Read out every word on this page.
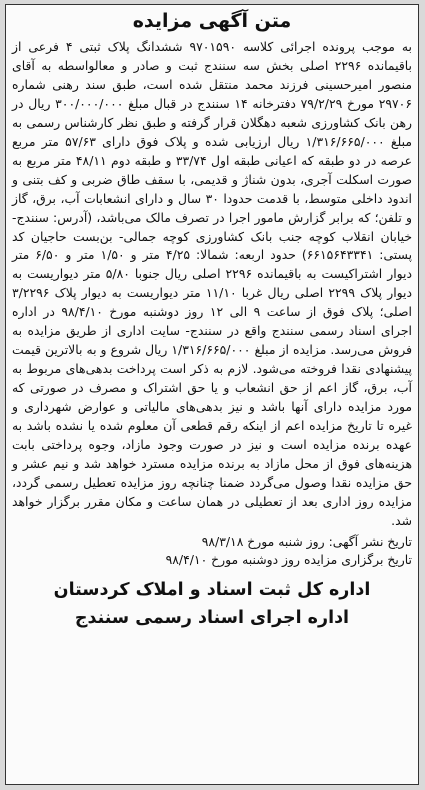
متن آگهی مزایده

به موجب پرونده اجرائی کلاسه ۹۷۰۱۵۹۰ ششدانگ پلاک ثبتی ۴ فرعی از باقیمانده ۲۲۹۶ اصلی بخش سه سنندج ثبت و صادر و معالواسطه به آقای منصور امیرحسینی فرزند محمد منتقل شده است، طبق سند رهنی شماره ۲۹۷۰۶ مورخ ۷۹/۲/۲۹ دفترخانه ۱۴ سنندج در قبال مبلغ ۳۰۰/۰۰۰/۰۰۰ ریال در رهن بانک کشاورزی شعبه دهگلان قرار گرفته و طبق نظر کارشناس رسمی به مبلغ ۱/۳۱۶/۶۶۵/۰۰۰ ریال ارزیابی شده و پلاک فوق دارای ۵۷/۶۳ متر مربع عرصه در دو طبقه که اعیانی طبقه اول ۳۳/۷۴ و طبقه دوم ۴۸/۱۱ متر مربع به صورت اسکلت آجری، بدون شناژ و قدیمی، با سقف طاق ضربی و کف بتنی و اندود داخلی متوسط، با قدمت حدودا ۳۰ سال و دارای انشعابات آب، برق، گاز و تلفن؛ که برابر گزارش مامور اجرا در تصرف مالک می‌باشد، (آدرس: سنندج- خیابان انقلاب کوچه جنب بانک کشاورزی کوچه جمالی- بن‌بست حاجیان کد پستی: ۶۶۱۵۶۴۳۳۴۱) حدود اربعه: شمالا: ۴/۲۵ متر و ۱/۵۰ متر و ۶/۵۰ متر دیوار اشتراکیست به باقیمانده ۲۲۹۶ اصلی ریال جنوبا ۵/۸۰ متر دیواریست به دیوار پلاک ۲۲۹۹ اصلی ریال غربا ۱۱/۱۰ متر دیواریست به دیوار پلاک ۳/۲۲۹۶ اصلی؛ پلاک فوق از ساعت ۹ الی ۱۲ روز دوشنبه مورخ ۹۸/۴/۱۰ در اداره اجرای اسناد رسمی سنندج واقع در سنندج- سایت اداری از طریق مزایده به فروش می‌رسد. مزایده از مبلغ ۱/۳۱۶/۶۶۵/۰۰۰ ریال شروع و به بالاترین قیمت پیشنهادی نقدا فروخته می‌شود. لازم به ذکر است پرداخت بدهی‌های مربوط به آب، برق، گاز اعم از حق انشعاب و یا حق اشتراک و مصرف در صورتی که مورد مزایده دارای آنها باشد و نیز بدهی‌های مالیاتی و عوارض شهرداری و غیره تا تاریخ مزایده اعم از اینکه رقم قطعی آن معلوم شده یا نشده باشد به عهده برنده مزایده است و نیز در صورت وجود مازاد، وجوه پرداختی بابت هزینه‌های فوق از محل مازاد به برنده مزایده مسترد خواهد شد و نیم عشر و حق مزایده نقدا وصول می‌گردد ضمنا چنانچه روز مزایده تعطیل رسمی گردد، مزایده روز اداری بعد از تعطیلی در همان ساعت و مکان مقرر برگزار خواهد شد.

تاریخ نشر آگهی: روز شنبه مورخ ۹۸/۳/۱۸
تاریخ برگزاری مزایده روز دوشنبه مورخ ۹۸/۴/۱۰
اداره کل ثبت اسناد و املاک کردستان
اداره اجرای اسناد رسمی سنندج
